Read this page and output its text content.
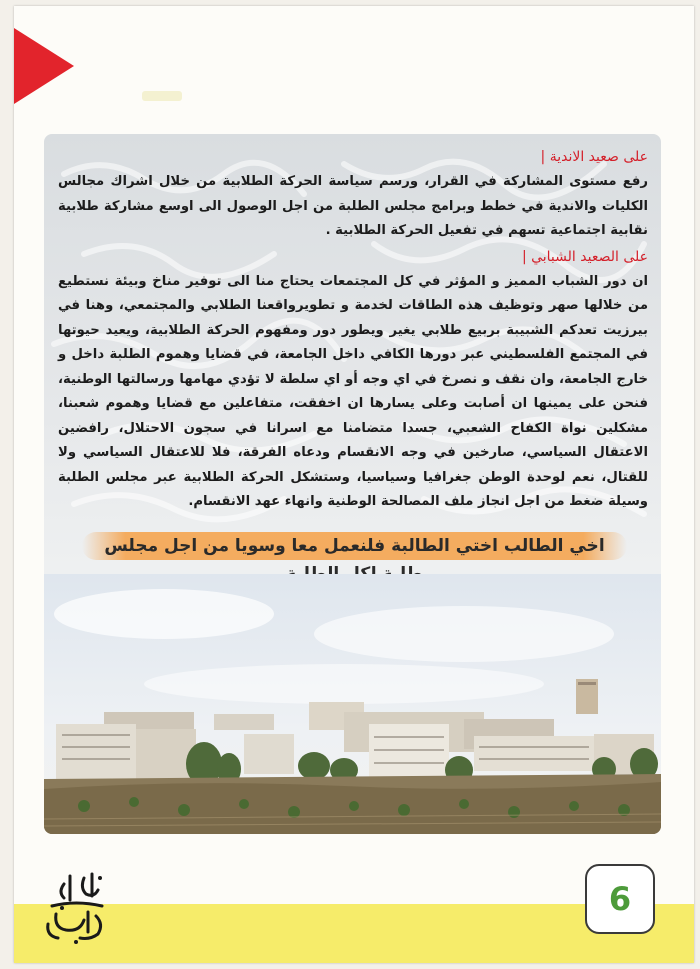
على صعيد الاندية |

رفع مستوى المشاركة في القرار، ورسم سياسة الحركة الطلابية من خلال اشراك مجالس الكليات والاندية في خطط وبرامج مجلس الطلبة من اجل الوصول الى اوسع مشاركة طلابية نقابية اجتماعية تسهم في تفعيل الحركة الطلابية .

على الصعيد الشبابي |

ان دور الشباب المميز و المؤثر في كل المجتمعات يحتاج منا الى توفير مناخ وبيئة نستطيع من خلالها صهر وتوظيف هذه الطاقات لخدمة و تطويرواقعنا الطلابي والمجتمعي، وهنا في بيرزيت تعدكم الشبيبة بربيع طلابي يغير ويطور دور ومفهوم الحركة الطلابية، ويعيد حيوتها في المجتمع الفلسطيني عبر دورها الكافي داخل الجامعة، في قضايا وهموم الطلبة داخل و خارج الجامعة، وان نقف و نصرخ في اي وجه أو اي سلطة لا تؤدي مهامها ورسالتها الوطنية، فنحن على يمينها ان أصابت وعلى يسارها ان اخفقت، متفاعلين مع قضايا وهموم شعبنا، مشكلين نواة الكفاح الشعبي، جسدا متضامنا مع اسرانا في سجون الاحتلال، رافضين الاعتقال السياسي، صارخين في وجه الانقسام ودعاه الفرقة، فلا للاعتقال السياسي ولا للقتال، نعم لوحدة الوطن جغرافيا وسياسيا، وستشكل الحركة الطلابية عبر مجلس الطلبة وسيلة ضغط من اجل انجاز ملف المصالحة الوطنية وانهاء عهد الانقسام.

اخي الطالب اختي الطالبة فلنعمل معا وسويا من اجل مجلس
6
